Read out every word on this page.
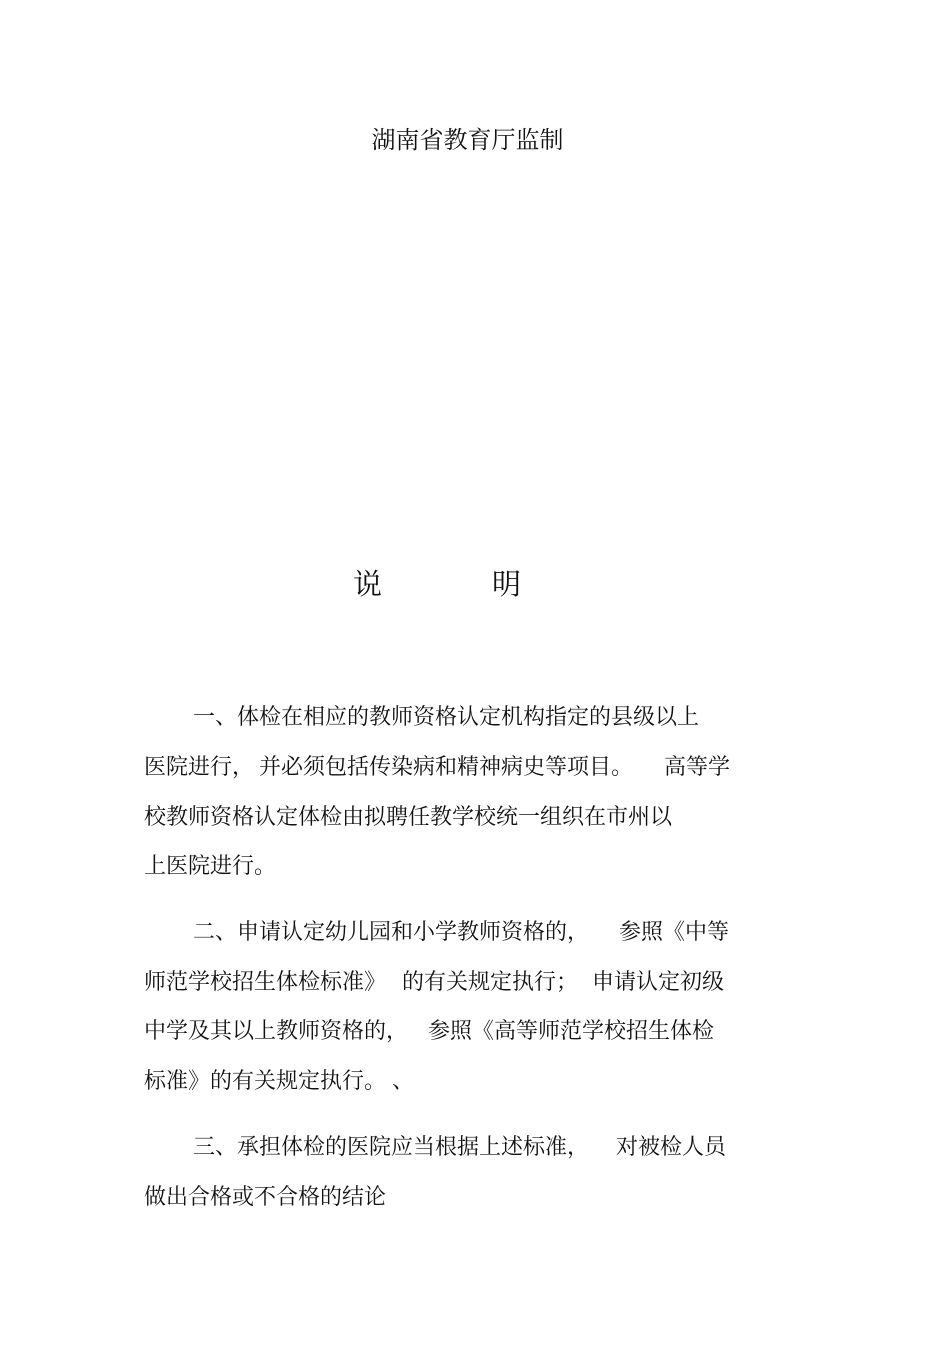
湖南省教育厅监制
说	明
一、体检在相应的教师资格认定机构指定的县级以上
医院进行， 并必须包括传染病和精神病史等项目。 高等学
校教师资格认定体检由拟聘任教学校统一组织在市州以
上医院进行。
二、申请认定幼儿园和小学教师资格的， 参照《中等
师范学校招生体检标准》 的有关规定执行； 申请认定初级
中学及其以上教师资格的， 参照《高等师范学校招生体检
标准》的有关规定执行。 、
三、承担体检的医院应当根据上述标准， 对被检人员
做出合格或不合格的结论
